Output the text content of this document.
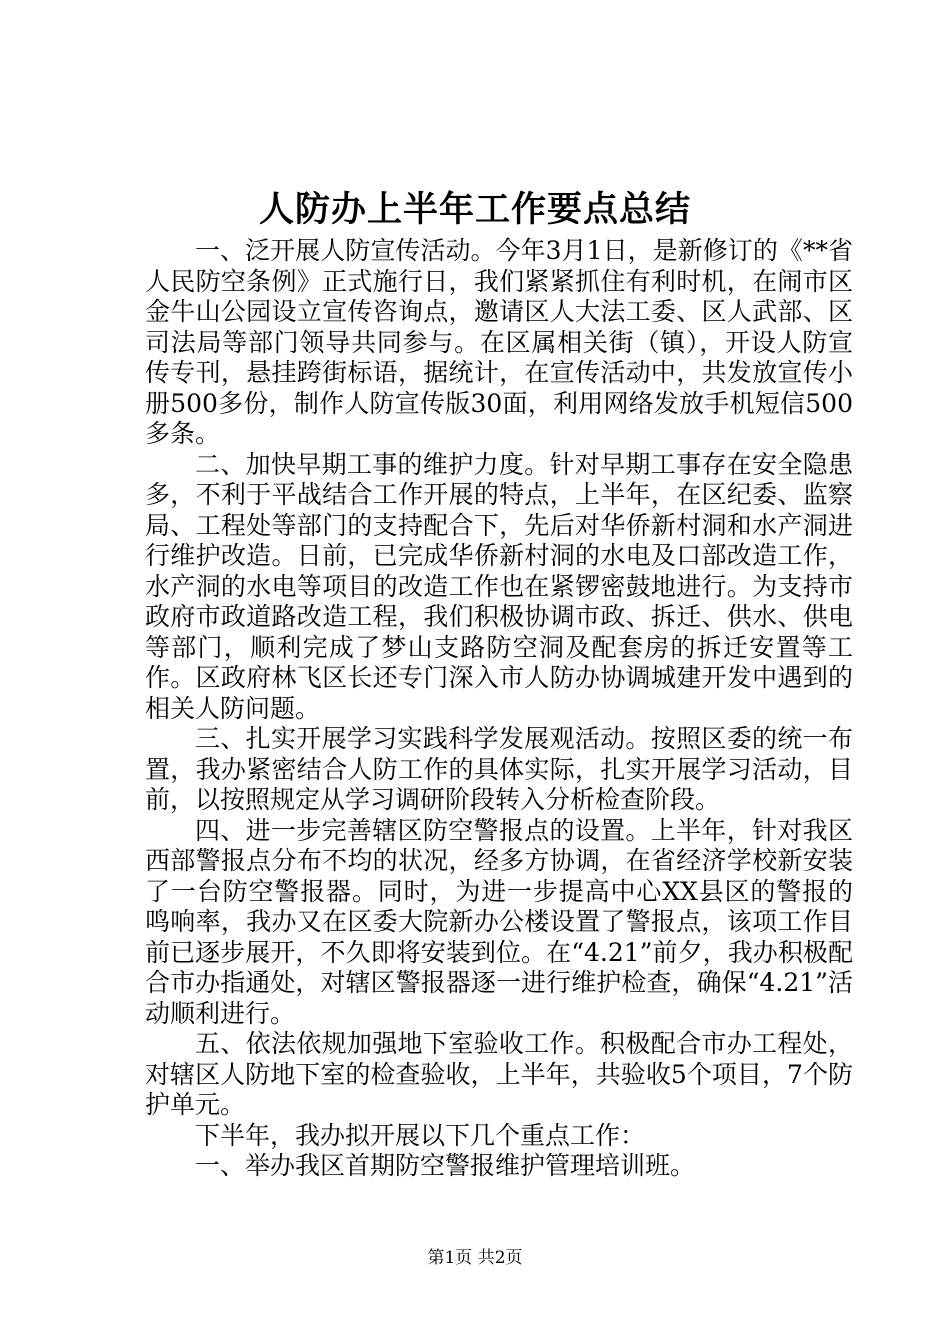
人防办上半年工作要点总结

一、泛开展人防宣传活动。今年3月1日，是新修订的《**省人民防空条例》正式施行日，我们紧紧抓住有利时机，在闹市区金牛山公园设立宣传咨询点，邀请区人大法工委、区人武部、区司法局等部门领导共同参与。在区属相关街（镇），开设人防宣传专刊，悬挂跨街标语，据统计，在宣传活动中，共发放宣传小册500多份，制作人防宣传版30面，利用网络发放手机短信500多条。

二、加快早期工事的维护力度。针对早期工事存在安全隐患多，不利于平战结合工作开展的特点，上半年，在区纪委、监察局、工程处等部门的支持配合下，先后对华侨新村洞和水产洞进行维护改造。日前，已完成华侨新村洞的水电及口部改造工作，水产洞的水电等项目的改造工作也在紧锣密鼓地进行。为支持市政府市政道路改造工程，我们积极协调市政、拆迁、供水、供电等部门，顺利完成了梦山支路防空洞及配套房的拆迁安置等工作。区政府林飞区长还专门深入市人防办协调城建开发中遇到的相关人防问题。

三、扎实开展学习实践科学发展观活动。按照区委的统一布置，我办紧密结合人防工作的具体实际，扎实开展学习活动，目前，以按照规定从学习调研阶段转入分析检查阶段。

四、进一步完善辖区防空警报点的设置。上半年，针对我区西部警报点分布不均的状况，经多方协调，在省经济学校新安装了一台防空警报器。同时，为进一步提高中心XX县区的警报的鸣响率，我办又在区委大院新办公楼设置了警报点，该项工作目前已逐步展开，不久即将安装到位。在“4.21”前夕，我办积极配合市办指通处，对辖区警报器逐一进行维护检查，确保“4.21”活动顺利进行。

五、依法依规加强地下室验收工作。积极配合市办工程处，对辖区人防地下室的检查验收，上半年，共验收5个项目，7个防护单元。

下半年，我办拟开展以下几个重点工作：

一、举办我区首期防空警报维护管理培训班。

第1页 共2页
